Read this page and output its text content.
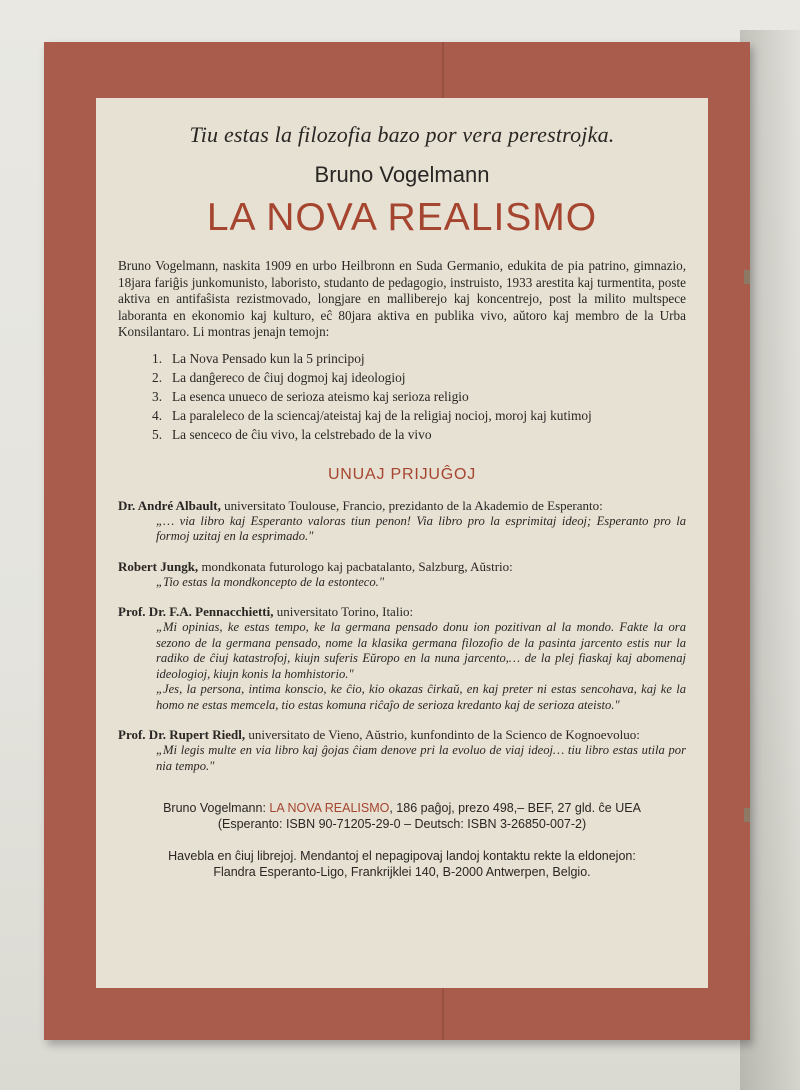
Tiu estas la filozofia bazo por vera perestrojka.

Bruno Vogelmann

LA NOVA REALISMO

Bruno Vogelmann, naskita 1909 en urbo Heilbronn en Suda Germanio, edukita de pia patrino, gimnazio, 18jara fariĝis junkomunisto, laboristo, studanto de pedagogio, instruisto, 1933 arestita kaj turmentita, poste aktiva en antifaŝista rezistmovado, longjare en malliberejo kaj koncentrejo, post la milito multspece laboranta en ekonomio kaj kulturo, eĉ 80jara aktiva en publika vivo, aŭtoro kaj membro de la Urba Konsilantaro. Li montras jenajn temojn:

1. La Nova Pensado kun la 5 principoj
2. La danĝereco de ĉiuj dogmoj kaj ideologioj
3. La esenca unueco de serioza ateismo kaj serioza religio
4. La paraleleco de la sciencaj/ateistaj kaj de la religiaj nocioj, moroj kaj kutimoj
5. La senceco de ĉiu vivo, la celstrebado de la vivo
UNUAJ PRIJUĜOJ
Dr. André Albault, universitato Toulouse, Francio, prezidanto de la Akademio de Esperanto:

„… via libro kaj Esperanto valoras tiun penon! Via libro pro la esprimitaj ideoj; Esperanto pro la formoj uzitaj en la esprimado."

Robert Jungk, mondkonata futurologo kaj pacbatalanto, Salzburg, Aŭstrio:

„Tio estas la mondkoncepto de la estonteco."

Prof. Dr. F.A. Pennacchietti, universitato Torino, Italio:

„Mi opinias, ke estas tempo, ke la germana pensado donu ion pozitivan al la mondo. Fakte la ora sezono de la germana pensado, nome la klasika germana filozofio de la pasinta jarcento estis nur la radiko de ĉiuj katastrofoj, kiujn suferis Eŭropo en la nuna jarcento,… de la plej fiaskaj kaj abomenaj ideologioj, kiujn konis la homhistorio."

„Jes, la persona, intima konscio, ke ĉio, kio okazas ĉirkaŭ, en kaj preter ni estas sencohava, kaj ke la homo ne estas memcela, tio estas komuna riĉaĵo de serioza kredanto kaj de serioza ateisto."

Prof. Dr. Rupert Riedl, universitato de Vieno, Aŭstrio, kunfondinto de la Scienco de Kognoevoluo:

„Mi legis multe en via libro kaj ĝojas ĉiam denove pri la evoluo de viaj ideoj… tiu libro estas utila por nia tempo."

Bruno Vogelmann: LA NOVA REALISMO, 186 paĝoj, prezo 498,– BEF, 27 gld. ĉe UEA
(Esperanto: ISBN 90-71205-29-0 – Deutsch: ISBN 3-26850-007-2)
Havebla en ĉiuj librejoj. Mendantoj el nepagipovaj landoj kontaktu rekte la eldonejon:
Flandra Esperanto-Ligo, Frankrijklei 140, B-2000 Antwerpen, Belgio.
